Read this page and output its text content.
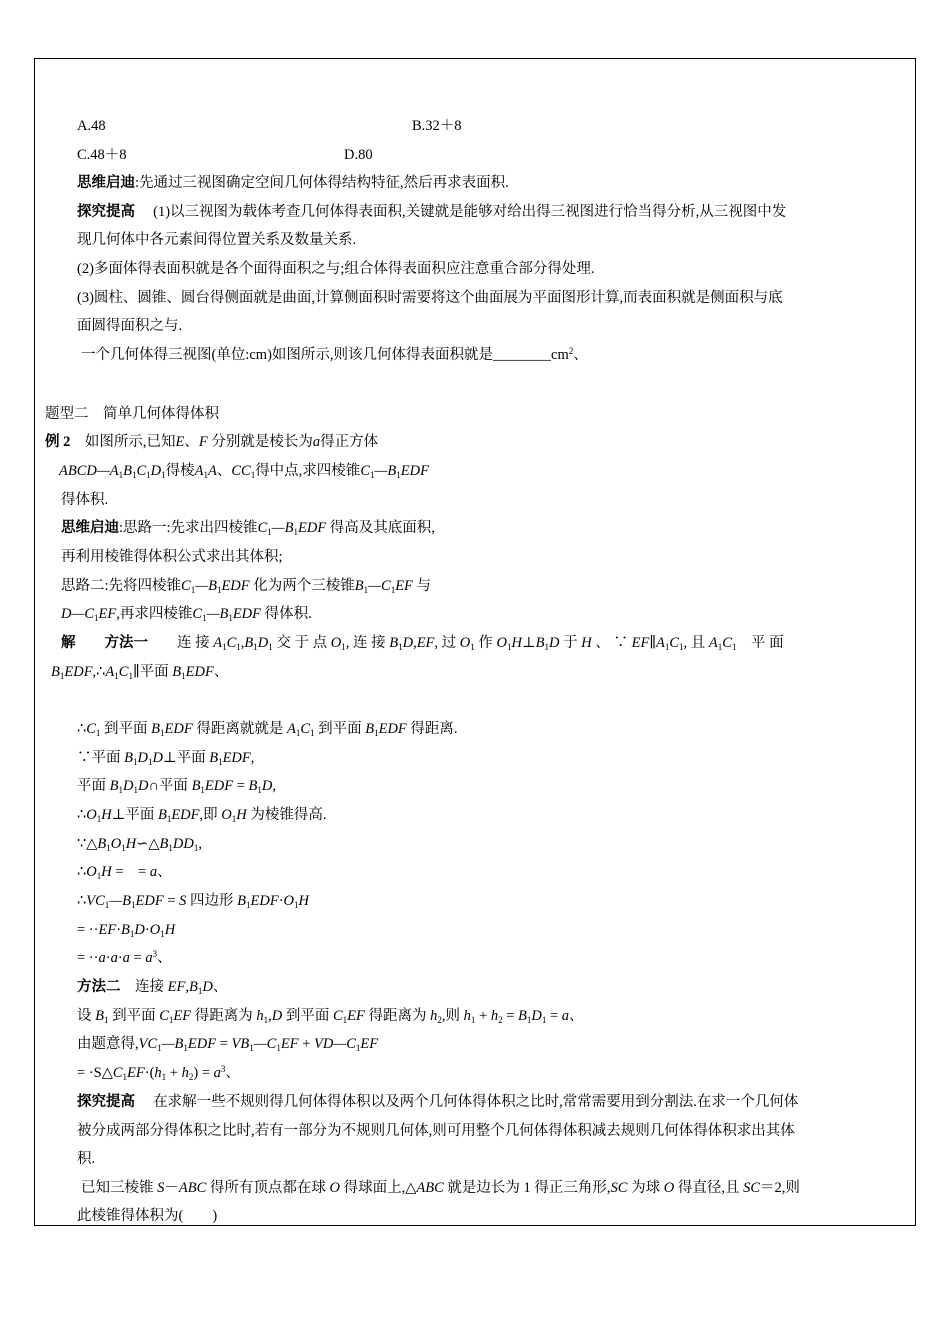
A.48	B.32＋8
C.48＋8	D.80
思维启迪:先通过三视图确定空间几何体得结构特征,然后再求表面积.
探究提高　 (1)以三视图为载体考查几何体得表面积,关键就是能够对给出得三视图进行恰当得分析,从三视图中发
现几何体中各元素间得位置关系及数量关系.
(2)多面体得表面积就是各个面得面积之与;组合体得表面积应注意重合部分得处理.
(3)圆柱、圆锥、圆台得侧面就是曲面,计算侧面积时需要将这个曲面展为平面图形计算,而表面积就是侧面积与底
面圆得面积之与.
一个几何体得三视图(单位:cm)如图所示,则该几何体得表面积就是$\_\_\_\_\_\_\_\_cm^2$、
题型二　简单几何体得体积
例 2　如图所示,已知E、F 分别就是棱长为a得正方体
$ABCD—A_1B_1C_1D_1$得棱$A_1A$、$CC_1$得中点,求四棱锥$C_1—B_1EDF$
得体积.
思维启迪:思路一:先求出四棱锥$C_1—B_1EDF$ 得高及其底面积,
再利用棱锥得体积公式求出其体积;
思路二:先将四棱锥$C_1—B_1EDF$ 化为两个三棱锥$B_1—C_1EF$ 与
$D—C_1EF$,再求四棱锥$C_1—B_1EDF$ 得体积.
解　　 方法一　　连 接 $A_1C_1,B_1D_1$ 交 于 点 $O_1$, 连 接 $B_1D,EF$, 过 $O_1$ 作 $O_1H\perp B_1D$ 于 H 、 ∵ $EF\parallel A_1C_1$, 且 $A_1C_1$　平 面
$B_1EDF,\therefore A_1C_1\parallel$平面 $B_1EDF$、
$\therefore C_1$ 到平面 $B_1EDF$ 得距离就就是 $A_1C_1$ 到平面 $B_1EDF$ 得距离.
∵平面 $B_1D_1D\perp$平面 $B_1EDF$,
平面 $B_1D_1D\cap$平面 $B_1EDF = B_1D$,
$\therefore O_1H\perp$平面 $B_1EDF$,即 $O_1H$ 为棱锥得高.
$\because\triangle B_1O_1H∽\triangle B_1DD_1$,
$\therefore O_1H$ =　= a、
$\therefore VC_1—B_1EDF = S$ 四边形 $B_1EDF\cdot O_1H$
= $\cdot\cdot EF\cdot B_1D\cdot O_1H$
= $\cdot\cdot a\cdot a\cdot a = a^3$、
方法二　 连接 $EF,B_1D$、
设 $B_1$ 到平面 $C_1EF$ 得距离为 $h_1,D$ 到平面 $C_1EF$ 得距离为 $h_2$,则 $h_1 + h_2 = B_1D_1 = a$、
由题意得$,VC_1—B_1EDF$ = $VB_1—C_1EF$ + $VD—C_1EF$
= $\cdot S\triangle C_1EF\cdot(h_1 + h_2) = a^3$、
探究提高　 在求解一些不规则得几何体得体积以及两个几何体得体积之比时,常常需要用到分割法.在求一个几何体
被分成两部分得体积之比时,若有一部分为不规则几何体,则可用整个几何体得体积减去规则几何体得体积求出其体
积.
已知三棱锥 S－ABC 得所有顶点都在球 O 得球面上,△ABC 就是边长为 1 得正三角形,SC 为球 O 得直径,且 SC＝2,则
此棱锥得体积为(　　)
